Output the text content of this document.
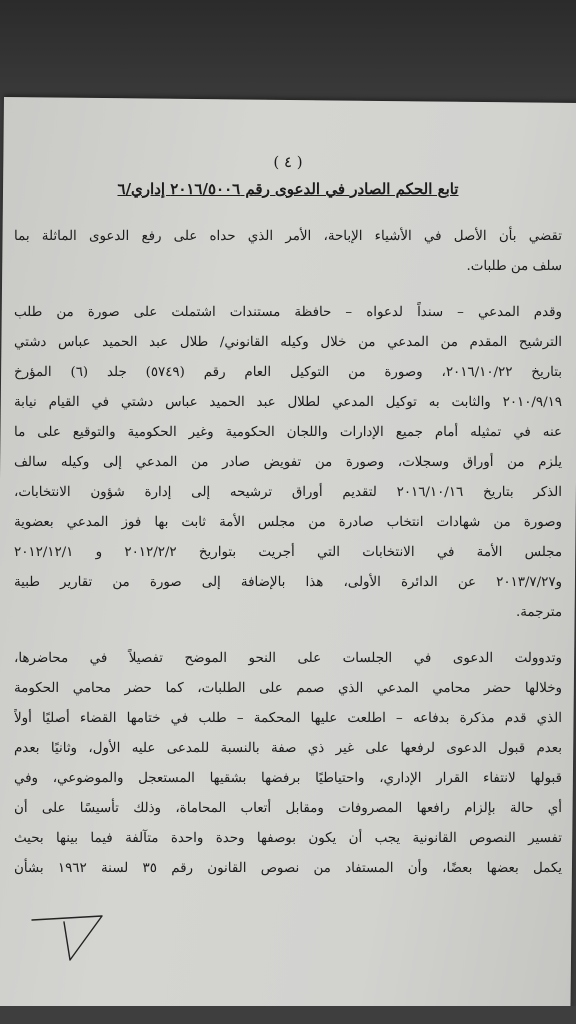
( ٤ )
تابع الحكم الصادر في الدعوى رقم ٢٠١٦/٥٠٠٦ إداري/٦
تقضي بأن الأصل في الأشياء الإباحة، الأمر الذي حداه على رفع الدعوى الماثلة بما
سلف من طلبات.
وقدم المدعي – سنداً لدعواه – حافظة مستندات اشتملت على صورة من طلب
الترشيح المقدم من المدعي من خلال وكيله القانوني/ طلال عبد الحميد عباس دشتي
بتاريخ ٢٠١٦/١٠/٢٢، وصورة من التوكيل العام رقم (٥٧٤٩) جلد (٦) المؤرخ
٢٠١٠/٩/١٩ والثابت به توكيل المدعي لطلال عبد الحميد عباس دشتي في القيام نيابة
عنه في تمثيله أمام جميع الإدارات واللجان الحكومية وغير الحكومية والتوقيع على ما
يلزم من أوراق وسجلات، وصورة من تفويض صادر من المدعي إلى وكيله سالف
الذكر بتاريخ ٢٠١٦/١٠/١٦ لتقديم أوراق ترشيحه إلى إدارة شؤون الانتخابات،
وصورة من شهادات انتخاب صادرة من مجلس الأمة ثابت بها فوز المدعي بعضوية
مجلس الأمة في الانتخابات التي أجريت بتواريخ ٢٠١٢/٢/٢ و ٢٠١٢/١٢/١
و٢٠١٣/٧/٢٧ عن الدائرة الأولى، هذا بالإضافة إلى صورة من تقارير طبية
مترجمة.
وتدوولت الدعوى في الجلسات على النحو الموضح تفصيلاً في محاضرها،
وخلالها حضر محامي المدعي الذي صمم على الطلبات، كما حضر محامي الحكومة
الذي قدم مذكرة بدفاعه – اطلعت عليها المحكمة – طلب في ختامها القضاء أصليًا أولاً
بعدم قبول الدعوى لرفعها على غير ذي صفة بالنسبة للمدعى عليه الأول، وثانيًا بعدم
قبولها لانتفاء القرار الإداري، واحتياطيًا برفضها بشقيها المستعجل والموضوعي، وفي
أي حالة بإلزام رافعها المصروفات ومقابل أتعاب المحاماة، وذلك تأسيسًا على أن
تفسير النصوص القانونية يجب أن يكون بوصفها وحدة واحدة متآلفة فيما بينها بحيث
يكمل بعضها بعضًا، وأن المستفاد من نصوص القانون رقم ٣٥ لسنة ١٩٦٢ بشأن
